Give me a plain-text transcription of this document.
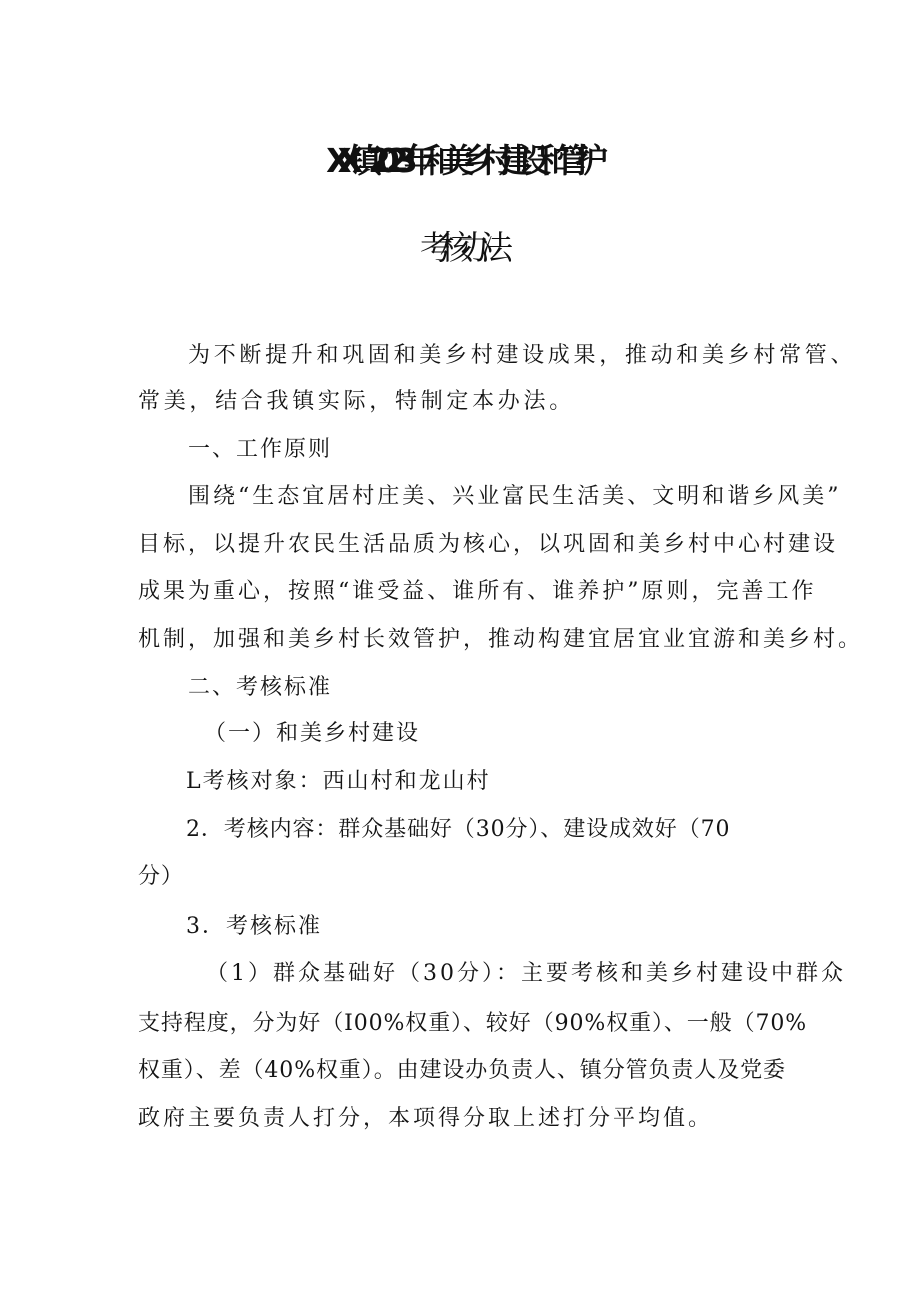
XX镇2023年和美乡村建设和管护
考核办法
为不断提升和巩固和美乡村建设成果，推动和美乡村常管、
常美，结合我镇实际，特制定本办法。
一、工作原则
围绕“生态宜居村庄美、兴业富民生活美、文明和谐乡风美”
目标，以提升农民生活品质为核心，以巩固和美乡村中心村建设
成果为重心，按照“谁受益、谁所有、谁养护”原则，完善工作
机制，加强和美乡村长效管护，推动构建宜居宜业宜游和美乡村。
二、考核标准
（一）和美乡村建设
L考核对象：西山村和龙山村
2．考核内容：群众基础好（30分）、建设成效好（70
分）
3．考核标准
（1）群众基础好（30分）：主要考核和美乡村建设中群众
支持程度，分为好（I00%权重）、较好（90%权重）、一般（70%
权重）、差（40%权重）。由建设办负责人、镇分管负责人及党委
政府主要负责人打分，本项得分取上述打分平均值。
